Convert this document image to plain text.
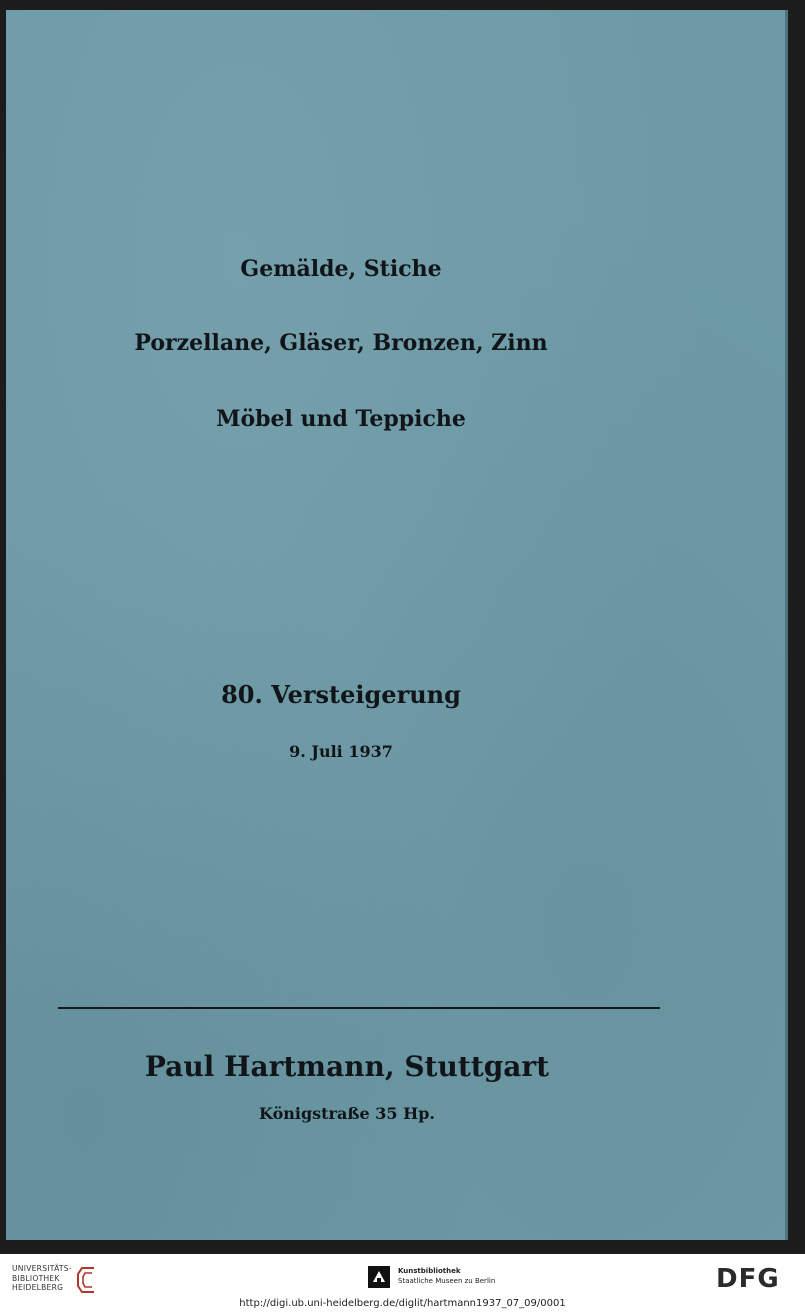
Gemälde, Stiche
Porzellane, Gläser, Bronzen, Zinn
Möbel und Teppiche
80. Versteigerung
9. Juli 1937
Paul Hartmann, Stuttgart
Königstraße 35 Hp.
UNIVERSITÄTS-
BIBLIOTHEK
HEIDELBERG
Kunstbibliothek
Staatliche Museen zu Berlin	DFG
http://digi.ub.uni-heidelberg.de/diglit/hartmann1937_07_09/0001
